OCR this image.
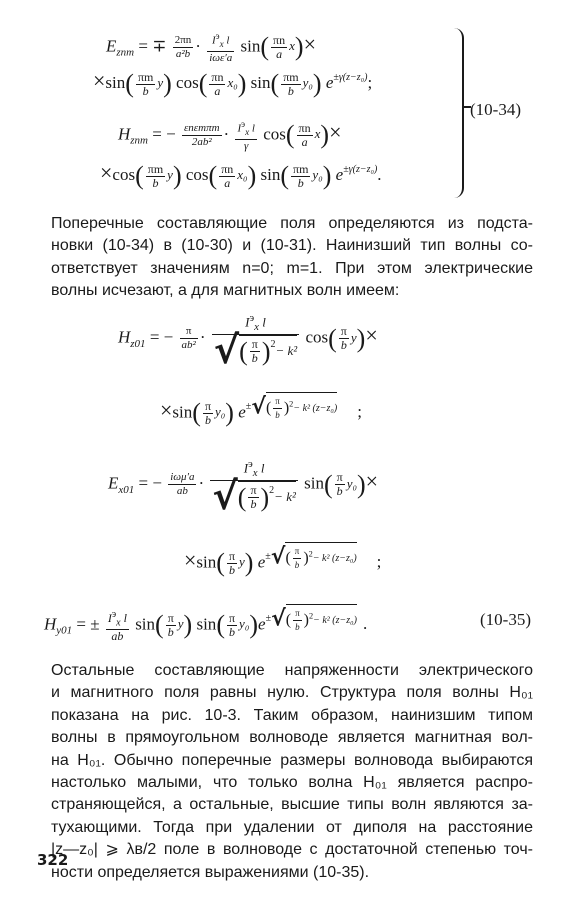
$E_{znm}$ = ∓ $\frac{2\pi n}{\text{a²b}} \cdot \frac{I^э_x l}{\text{iωε′a}} \sin( \frac{\pi n}{a} x)\times$
$\times\sin( \frac{\pi m}{b} y)$ $\cos( \frac{\pi n}{a} x_0)$ $\sin( \frac{\pi m}{b} y_0)$ $e^{\pm\gamma(z-z_0)}$;
$H_{znm}$ = − $\frac{\text{εnεmπm}}{\text{2ab²}} \cdot \frac{I^э_x l}{\gamma} \cos( \frac{\pi n}{a} x)\times$
$\times\cos( \frac{\pi m}{b} y)$ $\cos( \frac{\pi n}{a} x_0)$ $\sin( \frac{\pi m}{b} y_0)$ $e^{\pm\gamma(z-z_0)}$.
(10-34)
Поперечные составляющие поля определяются из подста-
новки (10-34) в (10-30) и (10-31). Наинизший тип волны со-
ответствует значениям n=0; m=1. При этом электрические
волны исчезают, а для магнитных волн имеем:
$H_{z01}$ = − $\frac{\pi}{\text{ab²}} \cdot \frac{I^э_x l}{√( \frac{\pi}{b} )^2- k^2} \cos( \frac{\pi}{b} y)\times$
$\times\sin( \frac{\pi}{b} y_0)$ $e^{\pm√( \frac{\pi}{b} )^2- k^2 (z-z_0)}$ ;
$E_{x01}$ = − $\frac{\text{iωμ′a}}{ab} \cdot \frac{I^э_x l}{√( \frac{\pi}{b} )^2- k^2} \sin( \frac{\pi}{b} y_0)\times$
$\times\sin( \frac{\pi}{b} y)$ $e^{\pm√( \frac{\pi}{b} )^2- k^2 (z-z_0)}$ ;
$H_{y01}$ = ± $\frac{I^э_x l}{ab} \sin( \frac{\pi}{b} y)$ $\sin( \frac{\pi}{b} y_0)e^{\pm√( \frac{\pi}{b} )^2- k^2 (z-z_0)}$ .	(10-35)
Остальные составляющие напряженности электрического
и магнитного поля равны нулю. Структура поля волны H₀₁
показана на рис. 10-3. Таким образом, наинизшим типом
волны в прямоугольном волноводе является магнитная вол-
на H₀₁. Обычно поперечные размеры волновода выбираются
настолько малыми, что только волна H₀₁ является распро-
страняющейся, а остальные, высшие типы волн являются за-
тухающими. Тогда при удалении от диполя на расстояние
|z—z₀| ⩾ λв/2 поле в волноводе с достаточной степенью точ-
ности определяется выражениями (10-35).
322
